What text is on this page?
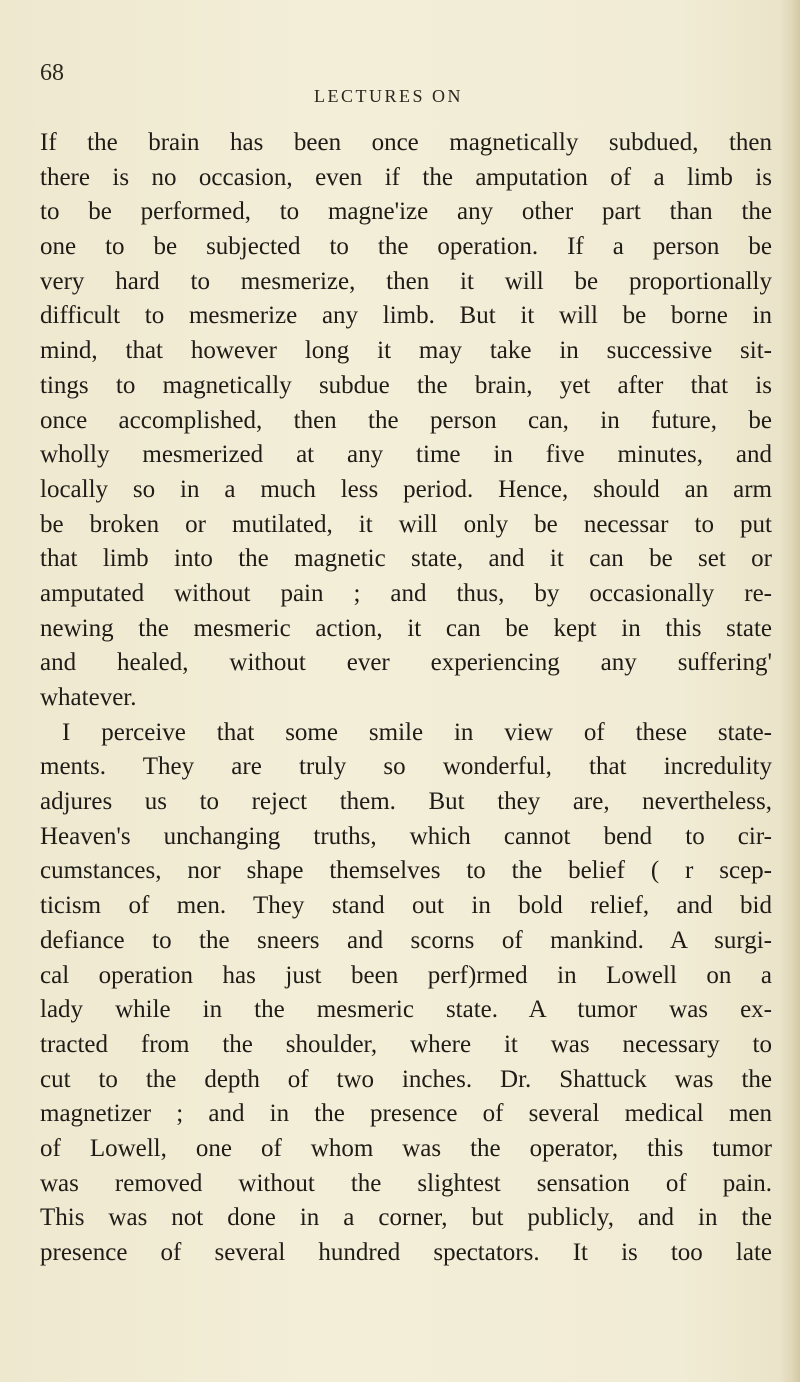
68
LECTURES ON
If the brain has been once magnetically subdued, then
there is no occasion, even if the amputation of a limb is
to be performed, to magne'ize any other part than the
one to be subjected to the operation. If a person be
very hard to mesmerize, then it will be proportionally
difficult to mesmerize any limb. But it will be borne in
mind, that however long it may take in successive sit-
tings to magnetically subdue the brain, yet after that is
once accomplished, then the person can, in future, be
wholly mesmerized at any time in five minutes, and
locally so in a much less period. Hence, should an arm
be broken or mutilated, it will only be necessar to put
that limb into the magnetic state, and it can be set or
amputated without pain ; and thus, by occasionally re-
newing the mesmeric action, it can be kept in this state
and healed, without ever experiencing any suffering'
whatever.
I perceive that some smile in view of these state-
ments. They are truly so wonderful, that incredulity
adjures us to reject them. But they are, nevertheless,
Heaven's unchanging truths, which cannot bend to cir-
cumstances, nor shape themselves to the belief ( r scep-
ticism of men. They stand out in bold relief, and bid
defiance to the sneers and scorns of mankind. A surgi-
cal operation has just been perf)rmed in Lowell on a
lady while in the mesmeric state. A tumor was ex-
tracted from the shoulder, where it was necessary to
cut to the depth of two inches. Dr. Shattuck was the
magnetizer ; and in the presence of several medical men
of Lowell, one of whom was the operator, this tumor
was removed without the slightest sensation of pain.
This was not done in a corner, but publicly, and in the
presence of several hundred spectators. It is too late
